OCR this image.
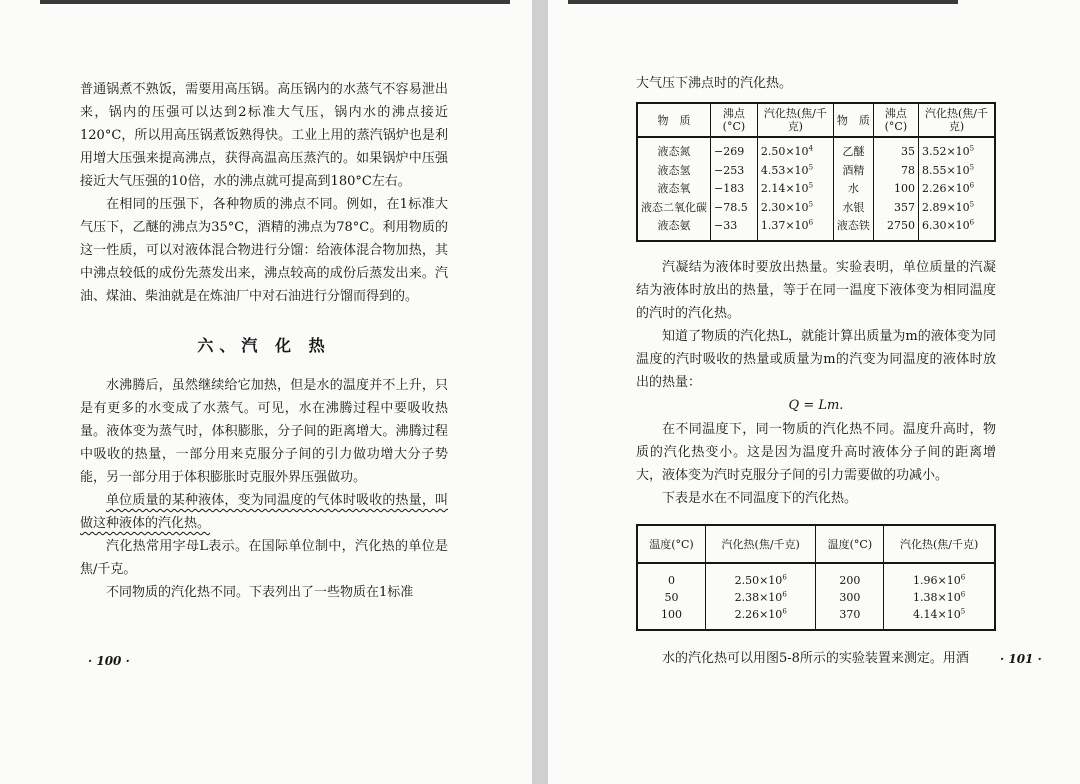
普通锅煮不熟饭，需要用高压锅。高压锅内的水蒸气不容易泄出来，锅内的压强可以达到2标准大气压，锅内水的沸点接近120°C，所以用高压锅煮饭熟得快。工业上用的蒸汽锅炉也是利用增大压强来提高沸点，获得高温高压蒸汽的。如果锅炉中压强接近大气压强的10倍，水的沸点就可提高到180°C左右。

在相同的压强下，各种物质的沸点不同。例如，在1标准大气压下，乙醚的沸点为35°C，酒精的沸点为78°C。利用物质的这一性质，可以对液体混合物进行分馏：给液体混合物加热，其中沸点较低的成份先蒸发出来，沸点较高的成份后蒸发出来。汽油、煤油、柴油就是在炼油厂中对石油进行分馏而得到的。

六、汽 化 热

水沸腾后，虽然继续给它加热，但是水的温度并不上升，只是有更多的水变成了水蒸气。可见，水在沸腾过程中要吸收热量。液体变为蒸气时，体积膨胀，分子间的距离增大。沸腾过程中吸收的热量，一部分用来克服分子间的引力做功增大分子势能，另一部分用于体积膨胀时克服外界压强做功。

单位质量的某种液体，变为同温度的气体时吸收的热量，叫做这种液体的汽化热。

汽化热常用字母L表示。在国际单位制中，汽化热的单位是焦/千克。

不同物质的汽化热不同。下表列出了一些物质在1标准

· 100 ·
大气压下沸点时的汽化热。
物　质	沸点(°C)	汽化热(焦/千克)	物　质	沸点(°C)	汽化热(焦/千克)
液态氮	−269	$2.50\times 10^4$	乙醚	35	$3.52\times 10^5$
液态氢	−253	$4.53\times 10^5$	酒精	78	$8.55\times 10^5$
液态氧	−183	$2.14\times 10^5$	水	100	$2.26\times 10^6$
液态二氧化碳	−78.5	$2.30\times 10^5$	水银	357	$2.89\times 10^5$
液态氨	−33	$1.37\times 10^6$	液态铁	2750	$6.30\times 10^6$

汽凝结为液体时要放出热量。实验表明，单位质量的汽凝结为液体时放出的热量，等于在同一温度下液体变为相同温度的汽时的汽化热。

知道了物质的汽化热L，就能计算出质量为m的液体变为同温度的汽时吸收的热量或质量为m的汽变为同温度的液体时放出的热量：

Q = Lm.

在不同温度下，同一物质的汽化热不同。温度升高时，物质的汽化热变小。这是因为温度升高时液体分子间的距离增大，液体变为汽时克服分子间的引力需要做的功减小。

下表是水在不同温度下的汽化热。

温度(°C)	汽化热(焦/千克)	温度(°C)	汽化热(焦/千克)
0	$2.50\times 10^6$	200	$1.96\times 10^6$
50	$2.38\times 10^6$	300	$1.38\times 10^6$
100	$2.26\times 10^6$	370	$4.14\times 10^5$

水的汽化热可以用图5-8所示的实验装置来测定。用酒	· 101 ·
